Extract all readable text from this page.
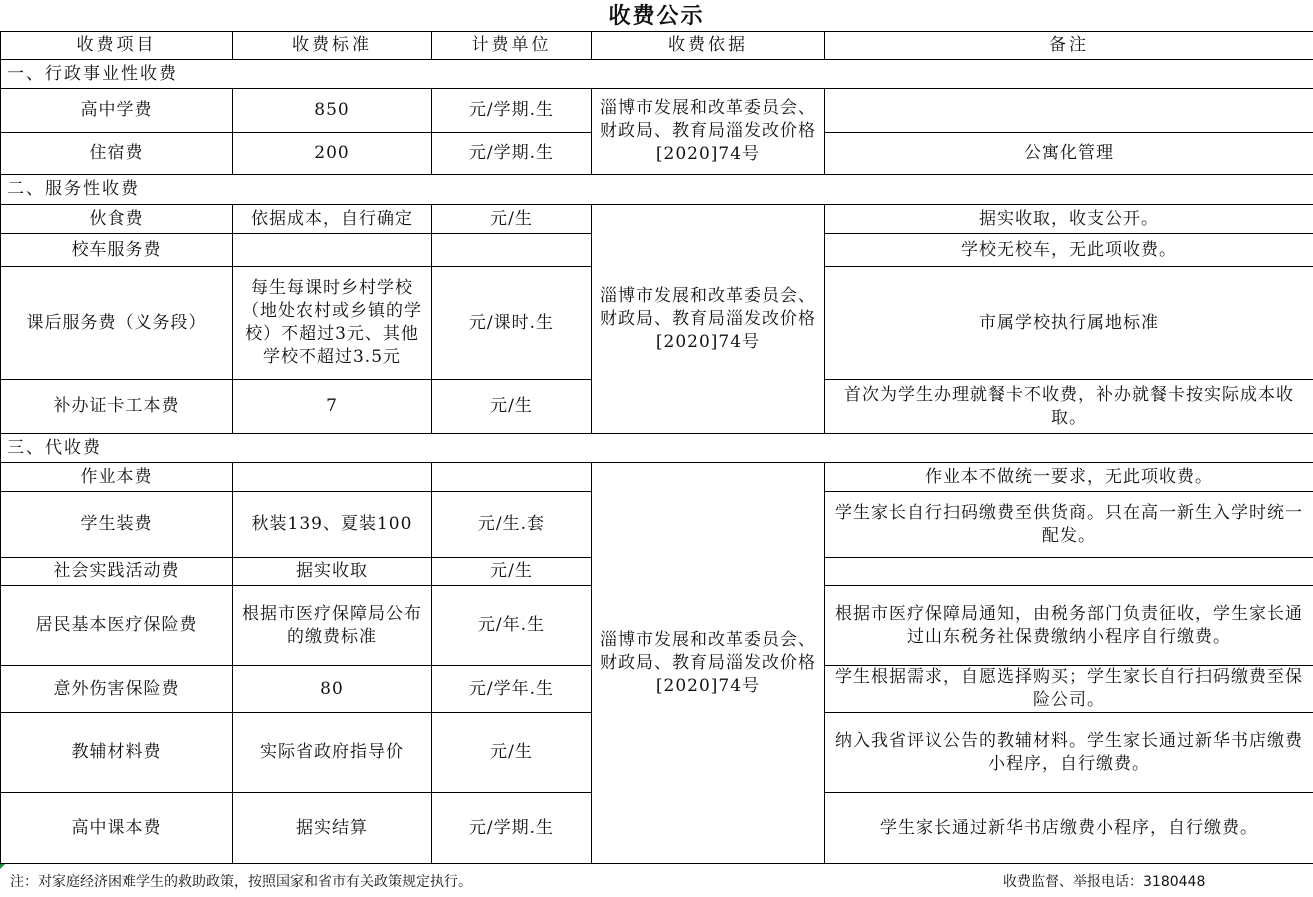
收费公示
收费项目	收费标准	计费单位	收费依据	备注
一、行政事业性收费				
高中学费	850	元/学期.生	淄博市发展和改革委员会、财政局、教育局淄发改价格[2020]74号	
住宿费	200	元/学期.生		公寓化管理
二、服务性收费				
伙食费	依据成本，自行确定	元/生	淄博市发展和改革委员会、财政局、教育局淄发改价格[2020]74号	据实收取，收支公开。
校车服务费				学校无校车，无此项收费。
课后服务费（义务段）	每生每课时乡村学校（地处农村或乡镇的学校）不超过3元、其他学校不超过3.5元	元/课时.生		市属学校执行属地标准
补办证卡工本费	7	元/生		首次为学生办理就餐卡不收费，补办就餐卡按实际成本收取。
三、代收费				
作业本费			淄博市发展和改革委员会、财政局、教育局淄发改价格[2020]74号	作业本不做统一要求，无此项收费。
学生装费	秋装139、夏装100	元/生.套		学生家长自行扫码缴费至供货商。只在高一新生入学时统一配发。
社会实践活动费	据实收取	元/生		
居民基本医疗保险费	根据市医疗保障局公布的缴费标准	元/年.生		根据市医疗保障局通知，由税务部门负责征收，学生家长通过山东税务社保费缴纳小程序自行缴费。
意外伤害保险费	80	元/学年.生		学生根据需求，自愿选择购买；学生家长自行扫码缴费至保险公司。
教辅材料费	实际省政府指导价	元/生		纳入我省评议公告的教辅材料。学生家长通过新华书店缴费小程序，自行缴费。
高中课本费	据实结算	元/学期.生		学生家长通过新华书店缴费小程序，自行缴费。
注：对家庭经济困难学生的救助政策，按照国家和省市有关政策规定执行。	收费监督、举报电话：3180448
